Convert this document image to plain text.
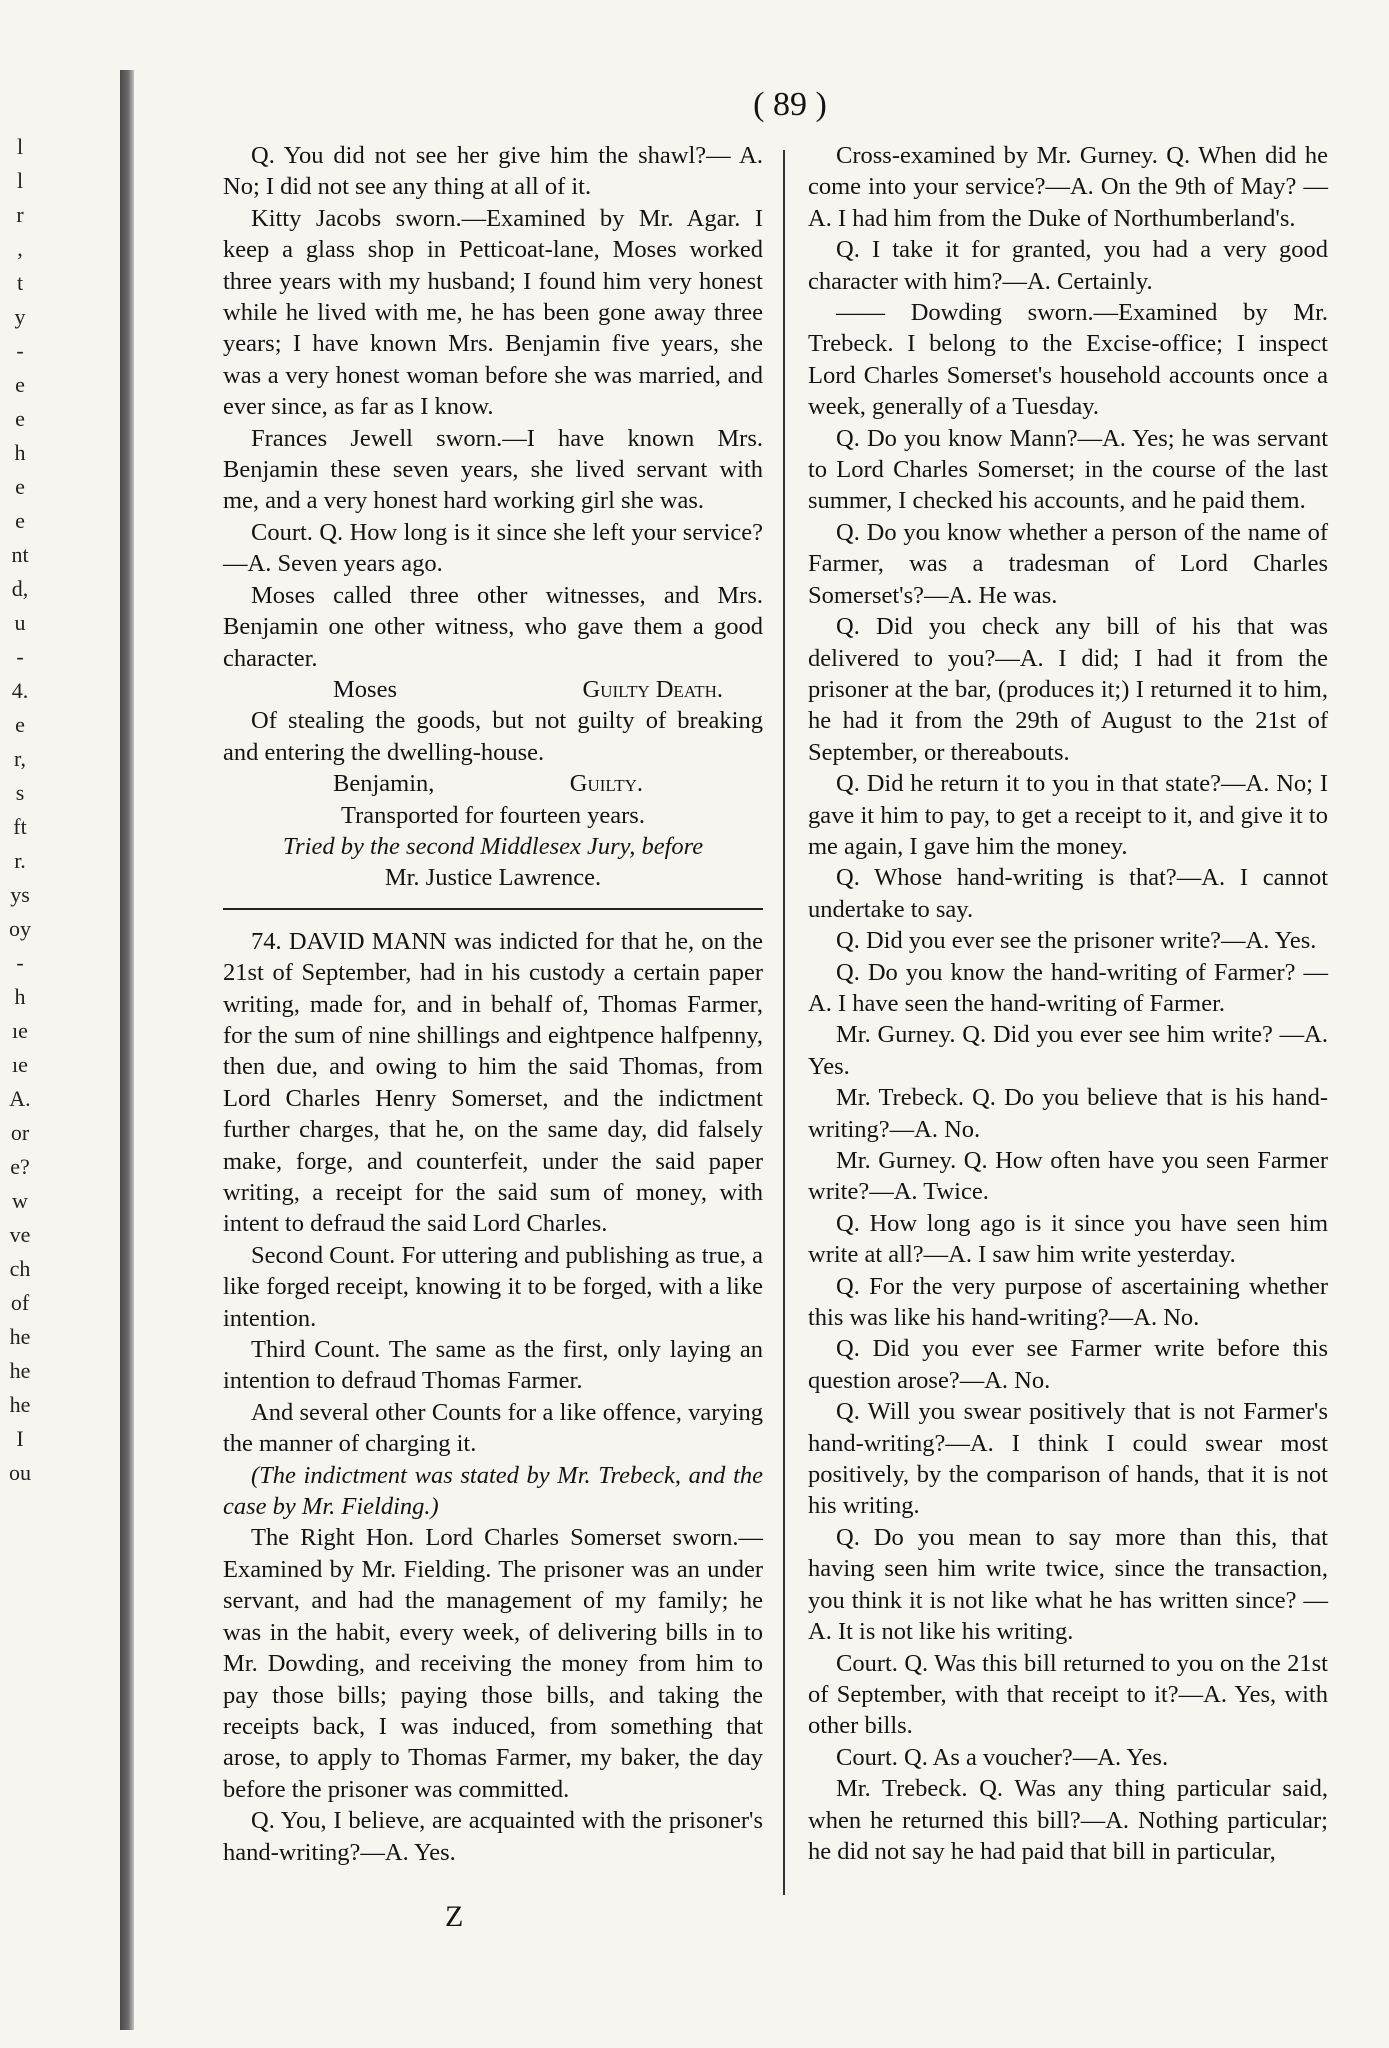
l
l
r
,
t
y
-
e
e
h
e
e
nt
d,
u
-
4.
e
r,
s
ft
r.
ys
oy
-
h
ıe
ıe
A.
or
e?
w
ve
ch
of
he
he
he
I
ou
( 89 )

Q. You did not see her give him the shawl?— A. No; I did not see any thing at all of it.

Kitty Jacobs sworn.—Examined by Mr. Agar. I keep a glass shop in Petticoat-lane, Moses worked three years with my husband; I found him very honest while he lived with me, he has been gone away three years; I have known Mrs. Benjamin five years, she was a very honest woman before she was married, and ever since, as far as I know.

Frances Jewell sworn.—I have known Mrs. Benjamin these seven years, she lived servant with me, and a very honest hard working girl she was.

Court. Q. How long is it since she left your service?—A. Seven years ago.

Moses called three other witnesses, and Mrs. Benjamin one other witness, who gave them a good character.

Moses	Guilty Death.

Of stealing the goods, but not guilty of breaking and entering the dwelling-house.

Benjamin,	Guilty.

Transported for fourteen years.

Tried by the second Middlesex Jury, before

Mr. Justice Lawrence.

74. DAVID MANN was indicted for that he, on the 21st of September, had in his custody a certain paper writing, made for, and in behalf of, Thomas Farmer, for the sum of nine shillings and eightpence halfpenny, then due, and owing to him the said Thomas, from Lord Charles Henry Somerset, and the indictment further charges, that he, on the same day, did falsely make, forge, and counterfeit, under the said paper writing, a receipt for the said sum of money, with intent to defraud the said Lord Charles.

Second Count. For uttering and publishing as true, a like forged receipt, knowing it to be forged, with a like intention.

Third Count. The same as the first, only laying an intention to defraud Thomas Farmer.

And several other Counts for a like offence, varying the manner of charging it.

(The indictment was stated by Mr. Trebeck, and the case by Mr. Fielding.)

The Right Hon. Lord Charles Somerset sworn.—Examined by Mr. Fielding. The prisoner was an under servant, and had the management of my family; he was in the habit, every week, of delivering bills in to Mr. Dowding, and receiving the money from him to pay those bills; paying those bills, and taking the receipts back, I was induced, from something that arose, to apply to Thomas Farmer, my baker, the day before the prisoner was committed.

Q. You, I believe, are acquainted with the prisoner's hand-writing?—A. Yes.

Cross-examined by Mr. Gurney. Q. When did he come into your service?—A. On the 9th of May? —A. I had him from the Duke of Northumberland's.

Q. I take it for granted, you had a very good character with him?—A. Certainly.

—— Dowding sworn.—Examined by Mr. Trebeck. I belong to the Excise-office; I inspect Lord Charles Somerset's household accounts once a week, generally of a Tuesday.

Q. Do you know Mann?—A. Yes; he was servant to Lord Charles Somerset; in the course of the last summer, I checked his accounts, and he paid them.

Q. Do you know whether a person of the name of Farmer, was a tradesman of Lord Charles Somerset's?—A. He was.

Q. Did you check any bill of his that was delivered to you?—A. I did; I had it from the prisoner at the bar, (produces it;) I returned it to him, he had it from the 29th of August to the 21st of September, or thereabouts.

Q. Did he return it to you in that state?—A. No; I gave it him to pay, to get a receipt to it, and give it to me again, I gave him the money.

Q. Whose hand-writing is that?—A. I cannot undertake to say.

Q. Did you ever see the prisoner write?—A. Yes.

Q. Do you know the hand-writing of Farmer? —A. I have seen the hand-writing of Farmer.

Mr. Gurney. Q. Did you ever see him write? —A. Yes.

Mr. Trebeck. Q. Do you believe that is his hand-writing?—A. No.

Mr. Gurney. Q. How often have you seen Farmer write?—A. Twice.

Q. How long ago is it since you have seen him write at all?—A. I saw him write yesterday.

Q. For the very purpose of ascertaining whether this was like his hand-writing?—A. No.

Q. Did you ever see Farmer write before this question arose?—A. No.

Q. Will you swear positively that is not Farmer's hand-writing?—A. I think I could swear most positively, by the comparison of hands, that it is not his writing.

Q. Do you mean to say more than this, that having seen him write twice, since the transaction, you think it is not like what he has written since? —A. It is not like his writing.

Court. Q. Was this bill returned to you on the 21st of September, with that receipt to it?—A. Yes, with other bills.

Court. Q. As a voucher?—A. Yes.

Mr. Trebeck. Q. Was any thing particular said, when he returned this bill?—A. Nothing particular; he did not say he had paid that bill in particular,

Z
